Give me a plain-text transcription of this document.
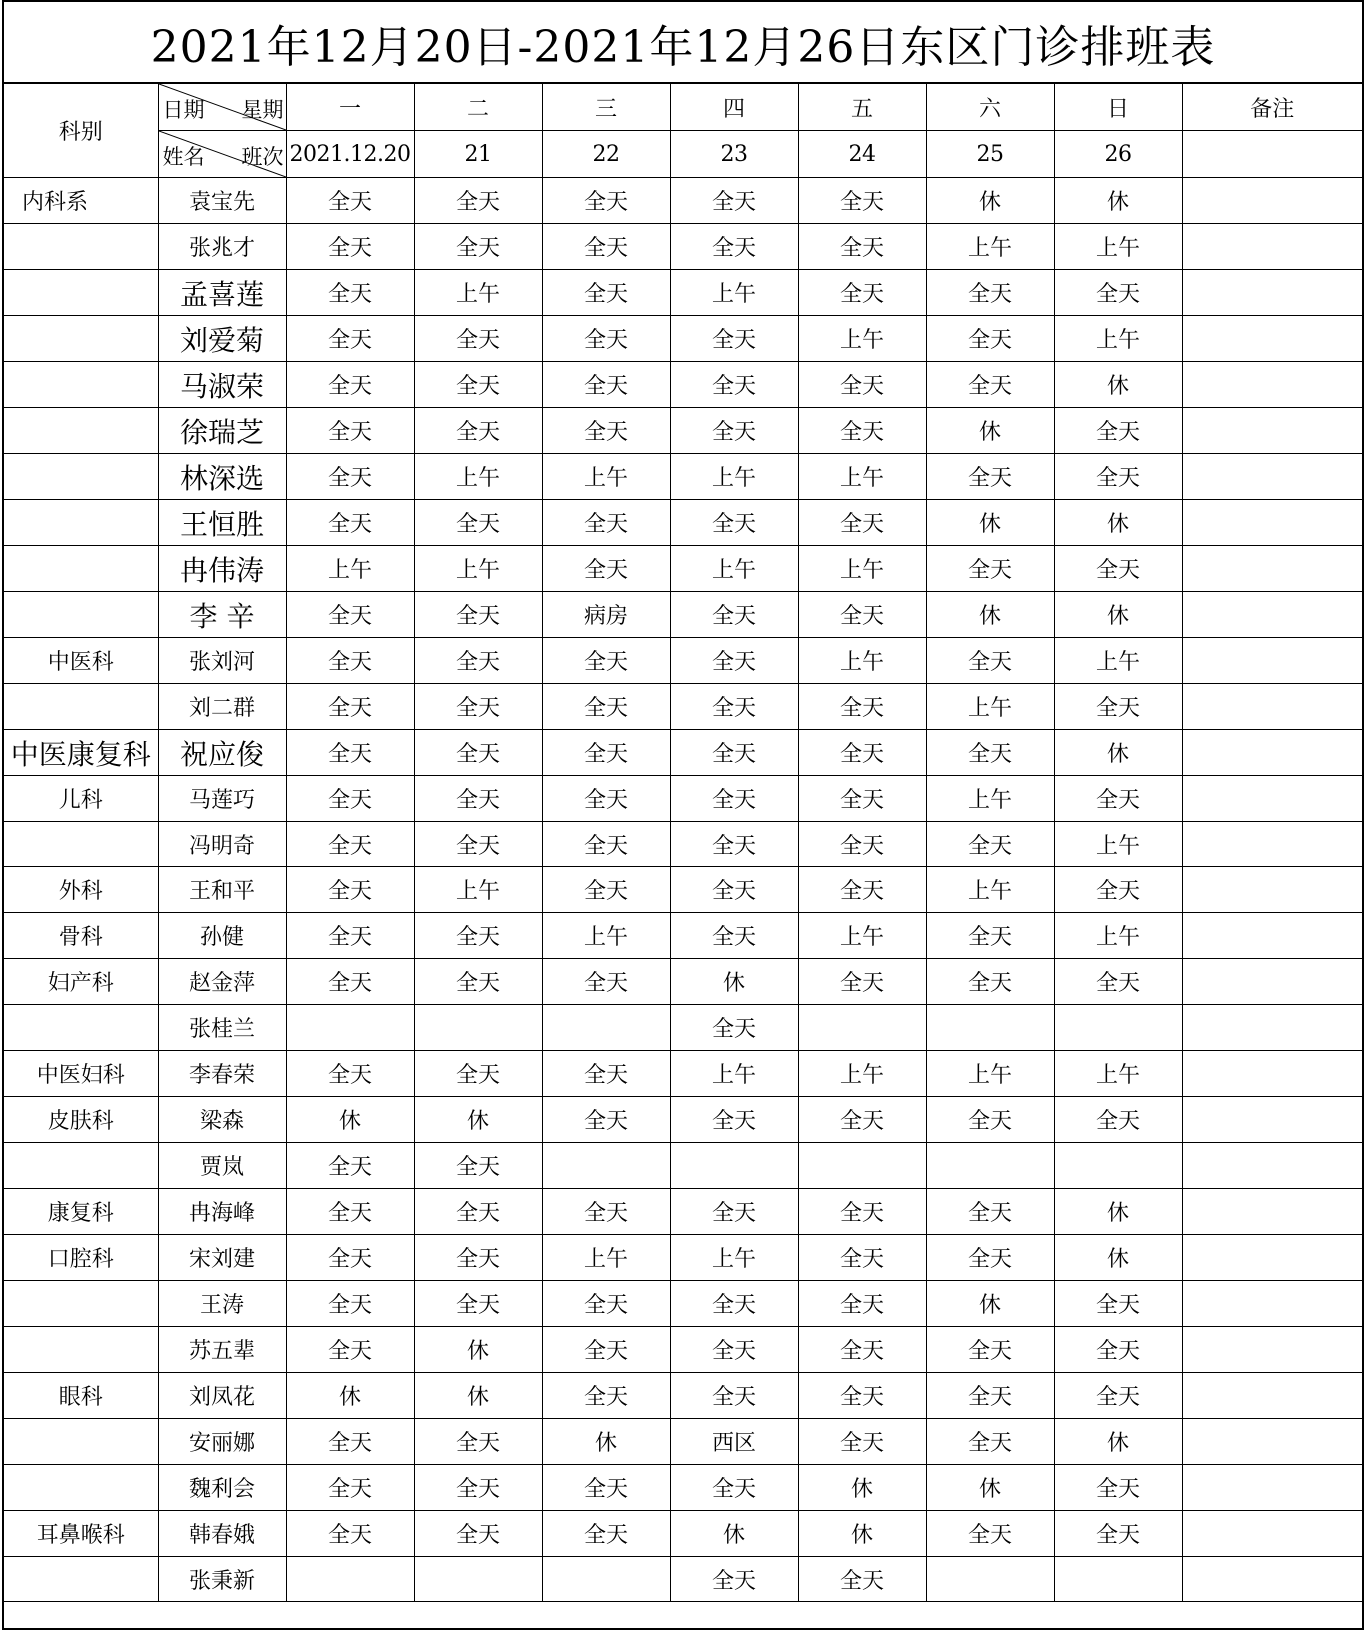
2021年12月20日-2021年12月26日东区门诊排班表
科别	日期 星期	一	二	三	四	五	六	日	备注

	姓名 班次	2021.12.20	21	22	23	24	25	26	
内科系	袁宝先	全天	全天	全天	全天	全天	休	休	
	张兆才	全天	全天	全天	全天	全天	上午	上午	
	孟喜莲	全天	上午	全天	上午	全天	全天	全天	
	刘爱菊	全天	全天	全天	全天	上午	全天	上午	
	马淑荣	全天	全天	全天	全天	全天	全天	休	
	徐瑞芝	全天	全天	全天	全天	全天	休	全天	
	林深选	全天	上午	上午	上午	上午	全天	全天	
	王恒胜	全天	全天	全天	全天	全天	休	休	
	冉伟涛	上午	上午	全天	上午	上午	全天	全天	
	李 辛	全天	全天	病房	全天	全天	休	休	
中医科	张刘河	全天	全天	全天	全天	上午	全天	上午	
	刘二群	全天	全天	全天	全天	全天	上午	全天	
中医康复科	祝应俊	全天	全天	全天	全天	全天	全天	休	
儿科	马莲巧	全天	全天	全天	全天	全天	上午	全天	
	冯明奇	全天	全天	全天	全天	全天	全天	上午	
外科	王和平	全天	上午	全天	全天	全天	上午	全天	
骨科	孙健	全天	全天	上午	全天	上午	全天	上午	
妇产科	赵金萍	全天	全天	全天	休	全天	全天	全天	
	张桂兰				全天				
中医妇科	李春荣	全天	全天	全天	上午	上午	上午	上午	
皮肤科	梁森	休	休	全天	全天	全天	全天	全天	
	贾岚	全天	全天						
康复科	冉海峰	全天	全天	全天	全天	全天	全天	休	
口腔科	宋刘建	全天	全天	上午	上午	全天	全天	休	
	王涛	全天	全天	全天	全天	全天	休	全天	
	苏五辈	全天	休	全天	全天	全天	全天	全天	
眼科	刘凤花	休	休	全天	全天	全天	全天	全天	
	安丽娜	全天	全天	休	西区	全天	全天	休	
	魏利会	全天	全天	全天	全天	休	休	全天	
耳鼻喉科	韩春娥	全天	全天	全天	休	休	全天	全天	
	张秉新				全天	全天			
